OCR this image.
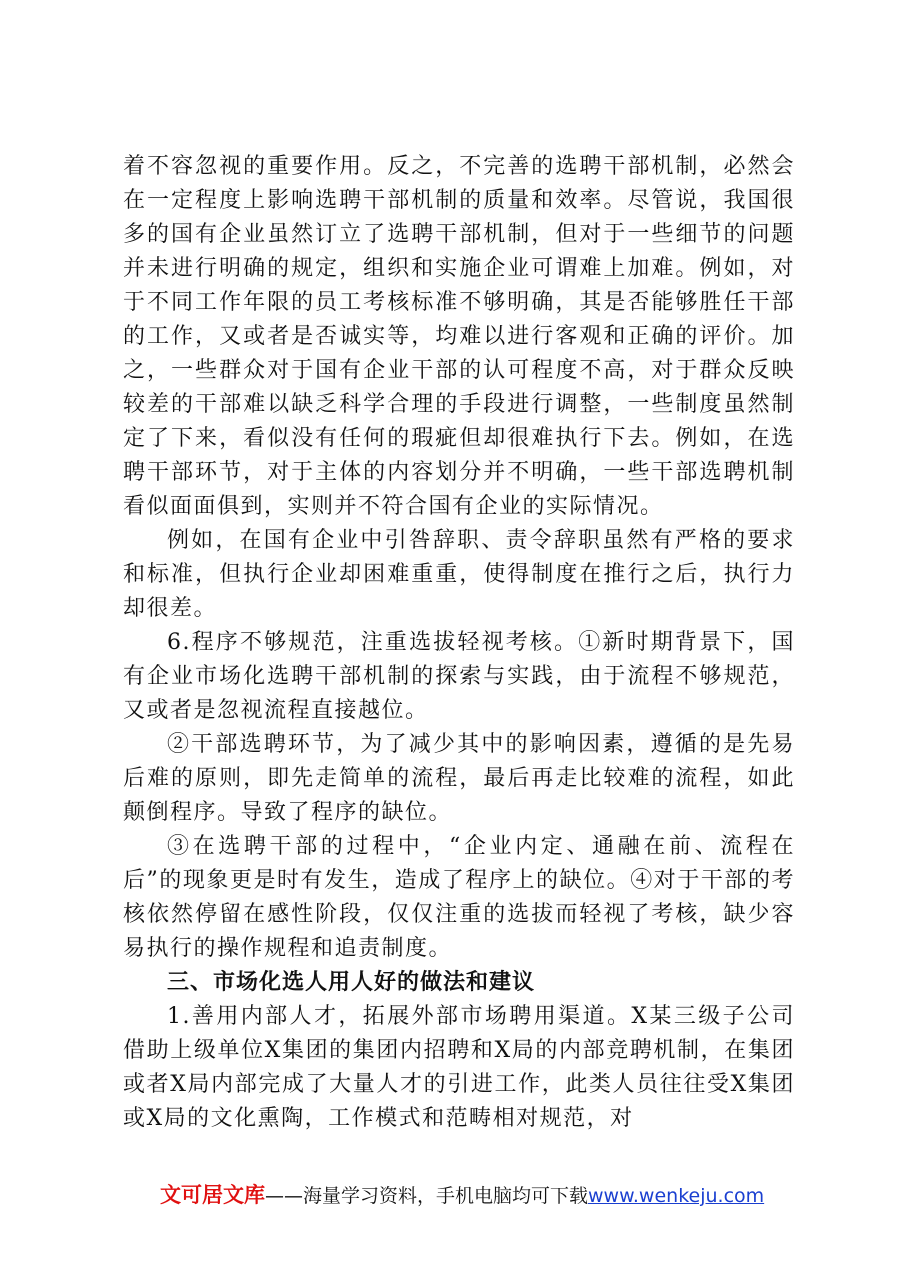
着不容忽视的重要作用。反之，不完善的选聘干部机制，必然会在一定程度上影响选聘干部机制的质量和效率。尽管说，我国很多的国有企业虽然订立了选聘干部机制，但对于一些细节的问题并未进行明确的规定，组织和实施企业可谓难上加难。例如，对于不同工作年限的员工考核标准不够明确，其是否能够胜任干部的工作，又或者是否诚实等，均难以进行客观和正确的评价。加之，一些群众对于国有企业干部的认可程度不高，对于群众反映较差的干部难以缺乏科学合理的手段进行调整，一些制度虽然制定了下来，看似没有任何的瑕疵但却很难执行下去。例如，在选聘干部环节，对于主体的内容划分并不明确，一些干部选聘机制看似面面俱到，实则并不符合国有企业的实际情况。

例如，在国有企业中引咎辞职、责令辞职虽然有严格的要求和标准，但执行企业却困难重重，使得制度在推行之后，执行力却很差。

6.程序不够规范，注重选拔轻视考核。①新时期背景下，国有企业市场化选聘干部机制的探索与实践，由于流程不够规范，又或者是忽视流程直接越位。

②干部选聘环节，为了减少其中的影响因素，遵循的是先易后难的原则，即先走简单的流程，最后再走比较难的流程，如此颠倒程序。导致了程序的缺位。

③在选聘干部的过程中，“企业内定、通融在前、流程在后”的现象更是时有发生，造成了程序上的缺位。④对于干部的考核依然停留在感性阶段，仅仅注重的选拔而轻视了考核，缺少容易执行的操作规程和追责制度。

三、市场化选人用人好的做法和建议

1.善用内部人才，拓展外部市场聘用渠道。X某三级子公司借助上级单位X集团的集团内招聘和X局的内部竞聘机制，在集团或者X局内部完成了大量人才的引进工作，此类人员往往受X集团或X局的文化熏陶，工作模式和范畴相对规范，对

文可居文库——海量学习资料，手机电脑均可下载www.wenkeju.com
